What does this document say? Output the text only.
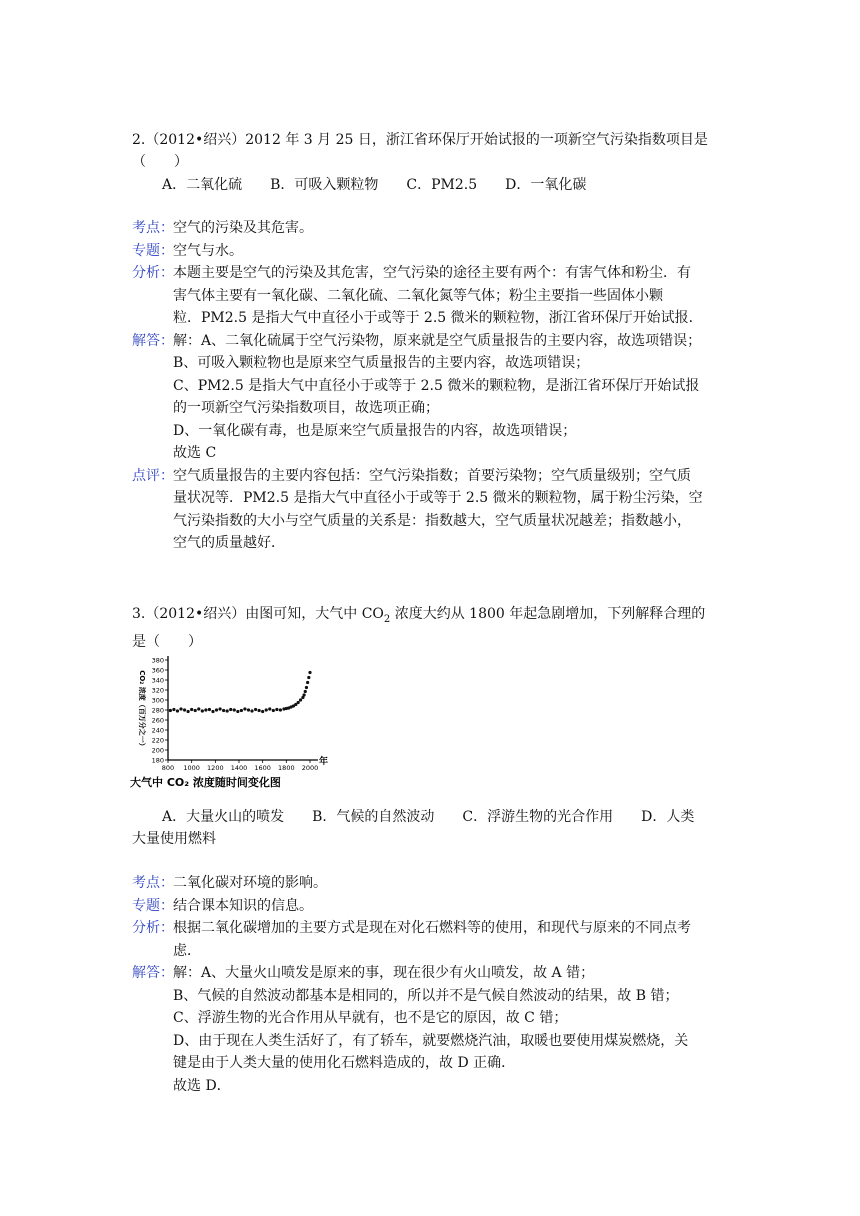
2.（2012•绍兴）2012 年 3 月 25 日，浙江省环保厅开始试报的一项新空气污染指数项目是
（　　）
A．二氧化硫　　B．可吸入颗粒物　　C．PM2.5　　D．一氧化碳
考点： 空气的污染及其危害。
专题： 空气与水。
分析： 本题主要是空气的污染及其危害，空气污染的途径主要有两个：有害气体和粉尘．有
害气体主要有一氧化碳、二氧化硫、二氧化氮等气体；粉尘主要指一些固体小颗
粒．PM2.5 是指大气中直径小于或等于 2.5 微米的颗粒物，浙江省环保厅开始试报．
解答： 解：A、二氧化硫属于空气污染物，原来就是空气质量报告的主要内容，故选项错误；
B、可吸入颗粒物也是原来空气质量报告的主要内容，故选项错误；
C、PM2.5 是指大气中直径小于或等于 2.5 微米的颗粒物，是浙江省环保厅开始试报
的一项新空气污染指数项目，故选项正确；
D、一氧化碳有毒，也是原来空气质量报告的内容，故选项错误；
故选 C
点评： 空气质量报告的主要内容包括：空气污染指数；首要污染物；空气质量级别；空气质
量状况等．PM2.5 是指大气中直径小于或等于 2.5 微米的颗粒物，属于粉尘污染，空
气污染指数的大小与空气质量的关系是：指数越大，空气质量状况越差；指数越小，
空气的质量越好．
3.（2012•绍兴）由图可知，大气中 $CO_2$ 浓度大约从 1800 年起急剧增加，下列解释合理的
是（　　）
CO₂ 浓度（百万分之一）
180
200
220
240
260
280
300
320
340
360
380
800 1000 1200 1400 1600 1800 2000
年
大气中 CO₂ 浓度随时间变化图
A．大量火山的喷发　　B．气候的自然波动　　C．浮游生物的光合作用　　D．人类
大量使用燃料
考点： 二氧化碳对环境的影响。
专题： 结合课本知识的信息。
分析： 根据二氧化碳增加的主要方式是现在对化石燃料等的使用，和现代与原来的不同点考
虑．
解答： 解：A、大量火山喷发是原来的事，现在很少有火山喷发，故 A 错；
B、气候的自然波动都基本是相同的，所以并不是气候自然波动的结果，故 B 错；
C、浮游生物的光合作用从早就有，也不是它的原因，故 C 错；
D、由于现在人类生活好了，有了轿车，就要燃烧汽油，取暖也要使用煤炭燃烧，关
键是由于人类大量的使用化石燃料造成的，故 D 正确．
故选 D．
